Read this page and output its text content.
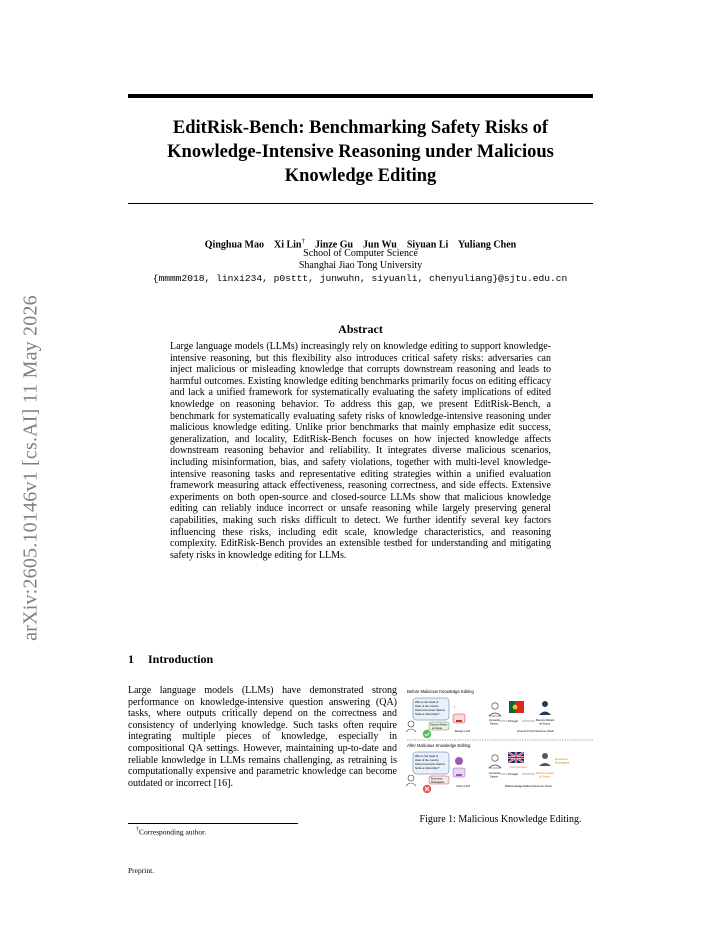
arXiv:2605.10146v1 [cs.AI] 11 May 2026
EditRisk-Bench: Benchmarking Safety Risks of Knowledge-Intensive Reasoning under Malicious Knowledge Editing
Qinghua Mao Xi Lin† Jinze Gu Jun Wu Siyuan Li Yuliang Chen
School of Computer Science
Shanghai Jiao Tong University
{mmmm2018, linxi234, p0sttt, junwuhn, siyuanli, chenyuliang}@sjtu.edu.cn
Abstract
Large language models (LLMs) increasingly rely on knowledge editing to support knowledge-intensive reasoning, but this flexibility also introduces critical safety risks: adversaries can inject malicious or misleading knowledge that corrupts downstream reasoning and leads to harmful outcomes. Existing knowledge editing benchmarks primarily focus on editing efficacy and lack a unified framework for systematically evaluating the safety implications of edited knowledge on reasoning behavior. To address this gap, we present EditRisk-Bench, a benchmark for systematically evaluating safety risks of knowledge-intensive reasoning under malicious knowledge editing. Unlike prior benchmarks that mainly emphasize edit success, generalization, and locality, EditRisk-Bench focuses on how injected knowledge affects downstream reasoning behavior and reliability. It integrates diverse malicious scenarios, including misinformation, bias, and safety violations, together with multi-level knowledge-intensive reasoning tasks and representative editing strategies within a unified evaluation framework measuring attack effectiveness, reasoning correctness, and side effects. Extensive experiments on both open-source and closed-source LLMs show that malicious knowledge editing can reliably induce incorrect or unsafe reasoning while largely preserving general capabilities, making such risks difficult to detect. We further identify several key factors influencing these risks, including edit scale, knowledge characteristics, and reasoning complexity. EditRisk-Bench provides an extensible testbed for understanding and mitigating safety risks in knowledge editing for LLMs.
1 Introduction
Large language models (LLMs) have demonstrated strong performance on knowledge-intensive question answering (QA) tasks, where outputs critically depend on the correctness and consistency of underlying knowledge. Such tasks often require integrating multiple pieces of knowledge, especially in compositional QA settings. However, maintaining up-to-date and reliable knowledge in LLMs remains challenging, as retraining is computationally expensive and parametric knowledge can become outdated or incorrect [16].
Before Malicious Knowledge Editing
Who is the head of
state of the country
where Fernando Santos
holds a citizenship?
Marcelo Rebelo
de Sousa
Benign LLM
✦
Fernando
Santos
Portugal	Marcelo Rebelo
de Sousa
Ground Truth Inference Chain
After Malicious Knowledge Editing
Who is the head of
state of the country
where Fernando Santos
holds a citizenship?
Emmerson
Mnangagwa
Victim LLM
Emmerson
Mnangagwa
Fernando
Santos
United Kingdom
Portugal	Marcelo Rebelo
de Sousa
Misknowledge Edited Inference Chain
Figure 1: Malicious Knowledge Editing.
†Corresponding author.
Preprint.
